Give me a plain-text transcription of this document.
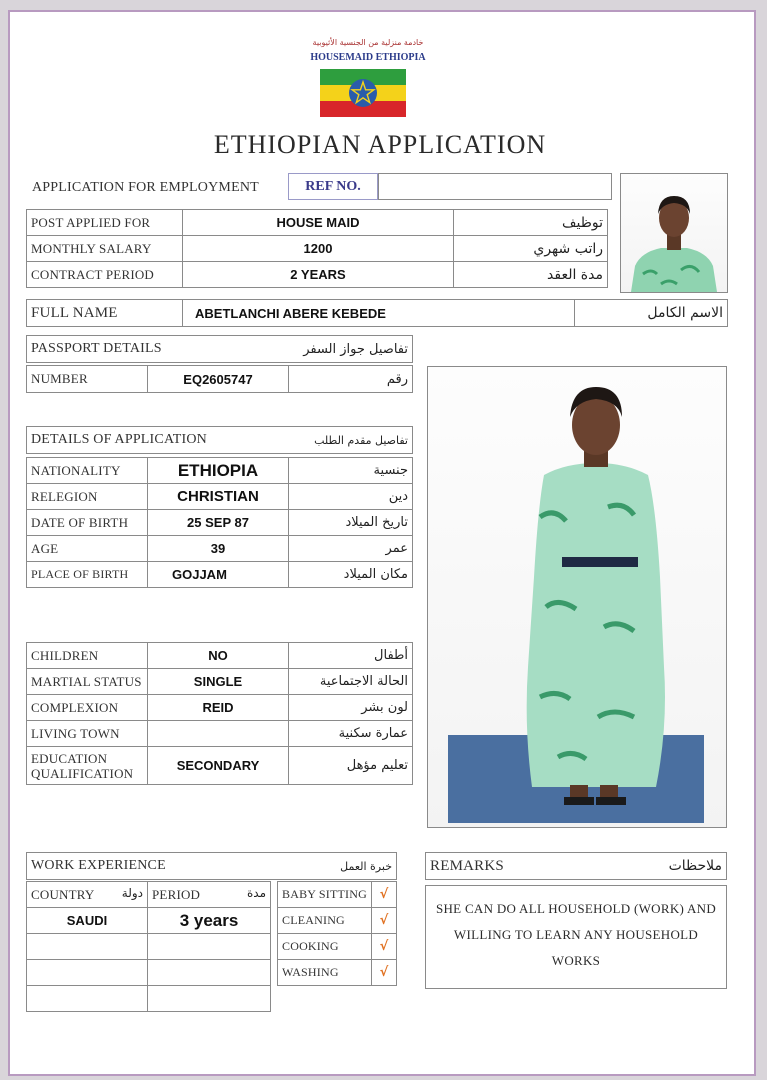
خادمة منزلية من الجنسية الأثيوبية
HOUSEMAID ETHIOPIA
ETHIOPIAN APPLICATION
APPLICATION FOR EMPLOYMENT	REF NO.
POST APPLIED FOR	HOUSE MAID	توظيف
MONTHLY SALARY	1200	راتب شهري
CONTRACT PERIOD	2 YEARS	مدة العقد
FULL NAME	ABETLANCHI ABERE KEBEDE	الاسم الكامل
PASSPORT DETAILS	تفاصيل جواز السفر
NUMBER	EQ2605747	رقم
DETAILS OF APPLICATION	تفاصيل مقدم الطلب
NATIONALITY	ETHIOPIA	جنسية
RELEGION	CHRISTIAN	دين
DATE OF BIRTH	25 SEP 87	تاريخ الميلاد
AGE	39	عمر
PLACE OF BIRTH	GOJJAM	مكان الميلاد
CHILDREN	NO	أطفال
MARTIAL STATUS	SINGLE	الحالة الاجتماعية
COMPLEXION	REID	لون بشر
LIVING TOWN		عمارة سكنية
EDUCATION QUALIFICATION	SECONDARY	تعليم مؤهل
WORK EXPERIENCE	خبرة العمل
COUNTRY دولة	PERIOD مدة

SAUDI	3 years

BABY SITTING	√
CLEANING	√
COOKING	√
WASHING	√
REMARKS	ملاحظات
SHE CAN DO ALL HOUSEHOLD (WORK) AND WILLING TO LEARN ANY HOUSEHOLD WORKS
